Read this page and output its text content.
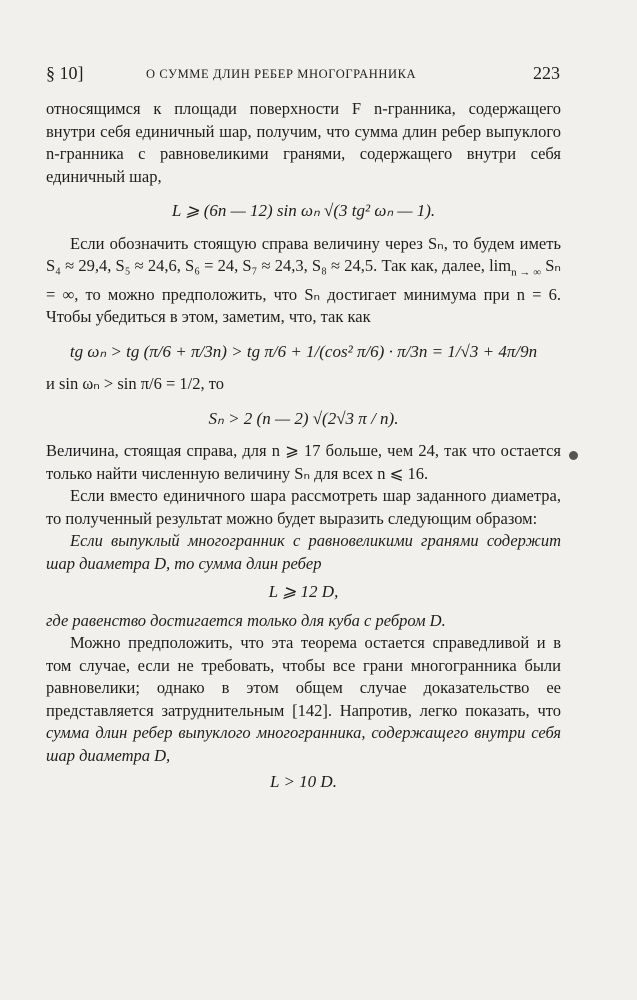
§ 10]	О СУММЕ ДЛИН РЕБЕР МНОГОГРАННИКА	223

относящимся к площади поверхности F n-гранника, содержащего внутри себя единичный шар, получим, что сумма длин ребер выпуклого n-гранника с равновеликими гранями, содержащего внутри себя единичный шар,

L ⩾ (6n — 12) sin ωₙ √(3 tg² ωₙ — 1).

Если обозначить стоящую справа величину через Sₙ, то будем иметь S₄ ≈ 29,4, S₅ ≈ 24,6, S₆ = 24, S₇ ≈ 24,3, S₈ ≈ 24,5. Так как, далее, $\lim_{n \to \infty} S_n$ = ∞, то можно предположить, что Sₙ достигает минимума при n = 6. Чтобы убедиться в этом, заметим, что, так как

tg ωₙ > tg (π/6 + π/3n) > tg π/6 + 1/(cos² π/6) · π/3n = 1/√3 + 4π/9n

и sin ωₙ > sin π/6 = 1/2, то

Sₙ > 2 (n — 2) √(2√3 π / n).

Величина, стоящая справа, для n ⩾ 17 больше, чем 24, так что остается только найти численную величину Sₙ для всех n ⩽ 16.

Если вместо единичного шара рассмотреть шар заданного диаметра, то полученный результат можно будет выразить следующим образом:

Если выпуклый многогранник с равновеликими гранями содержит шар диаметра D, то сумма длин ребер

L ⩾ 12 D,

где равенство достигается только для куба с ребром D.

Можно предположить, что эта теорема остается справедливой и в том случае, если не требовать, чтобы все грани многогранника были равновелики; однако в этом общем случае доказательство ее представляется затруднительным [142]. Напротив, легко показать, что сумма длин ребер выпуклого многогранника, содержащего внутри себя шар диаметра D,

L > 10 D.
